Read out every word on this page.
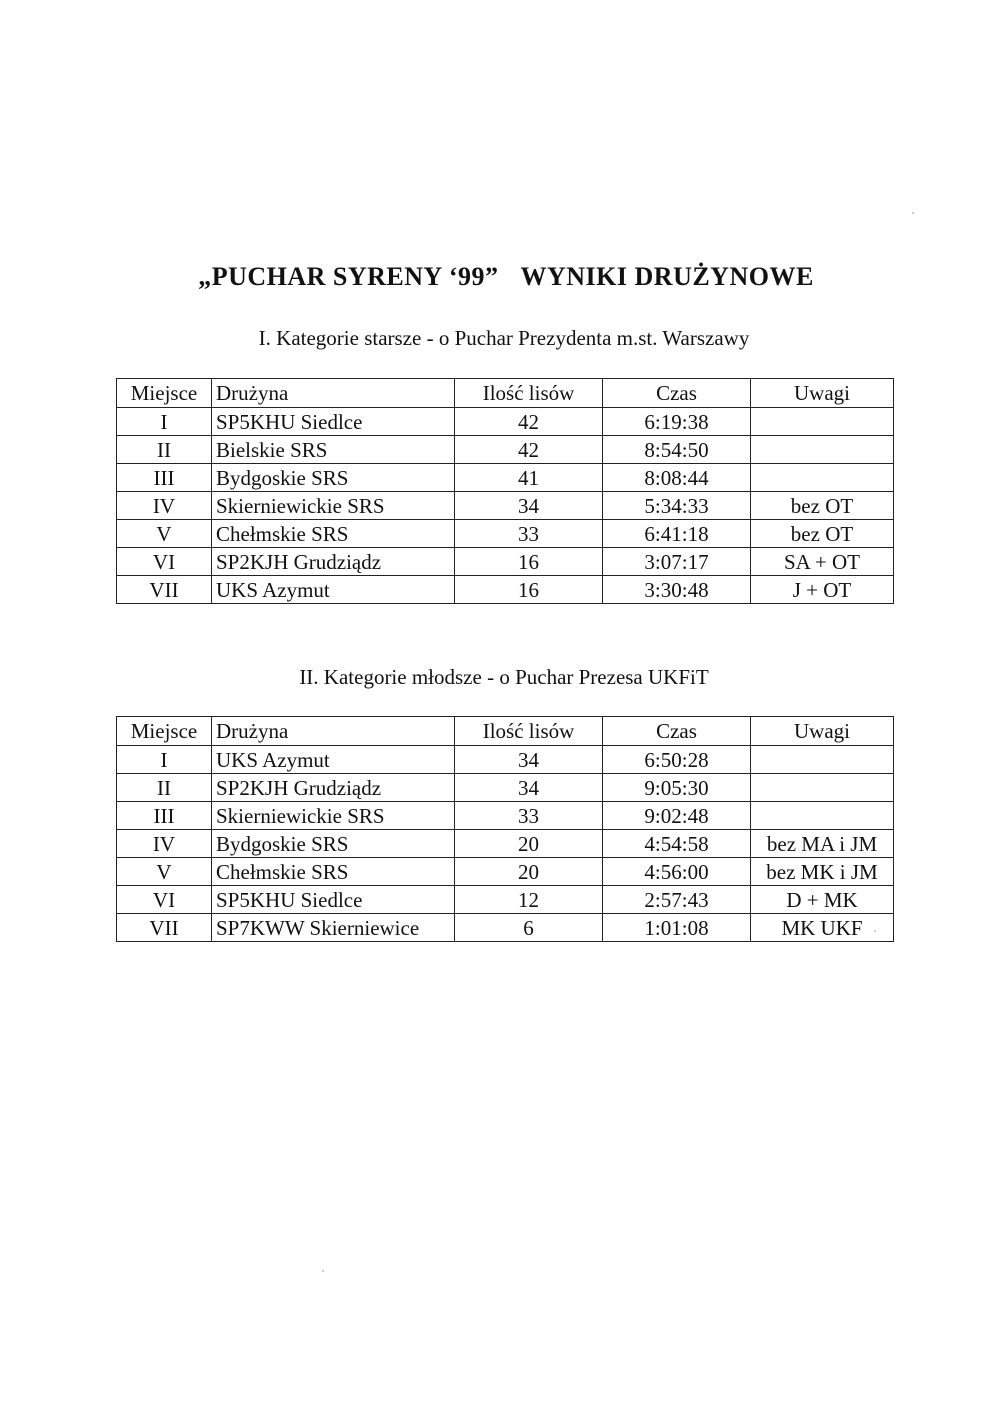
„PUCHAR SYRENY ‘99” WYNIKI DRUŻYNOWE
I. Kategorie starsze - o Puchar Prezydenta m.st. Warszawy
Miejsce	Drużyna	Ilość lisów	Czas	Uwagi
I	SP5KHU Siedlce	42	6:19:38	
II	Bielskie SRS	42	8:54:50	
III	Bydgoskie SRS	41	8:08:44	
IV	Skierniewickie SRS	34	5:34:33	bez OT
V	Chełmskie SRS	33	6:41:18	bez OT
VI	SP2KJH Grudziądz	16	3:07:17	SA + OT
VII	UKS Azymut	16	3:30:48	J + OT
II. Kategorie młodsze - o Puchar Prezesa UKFiT
Miejsce	Drużyna	Ilość lisów	Czas	Uwagi
I	UKS Azymut	34	6:50:28	
II	SP2KJH Grudziądz	34	9:05:30	
III	Skierniewickie SRS	33	9:02:48	
IV	Bydgoskie SRS	20	4:54:58	bez MA i JM
V	Chełmskie SRS	20	4:56:00	bez MK i JM
VI	SP5KHU Siedlce	12	2:57:43	D + MK
VII	SP7KWW Skierniewice	6	1:01:08	MK UKF
